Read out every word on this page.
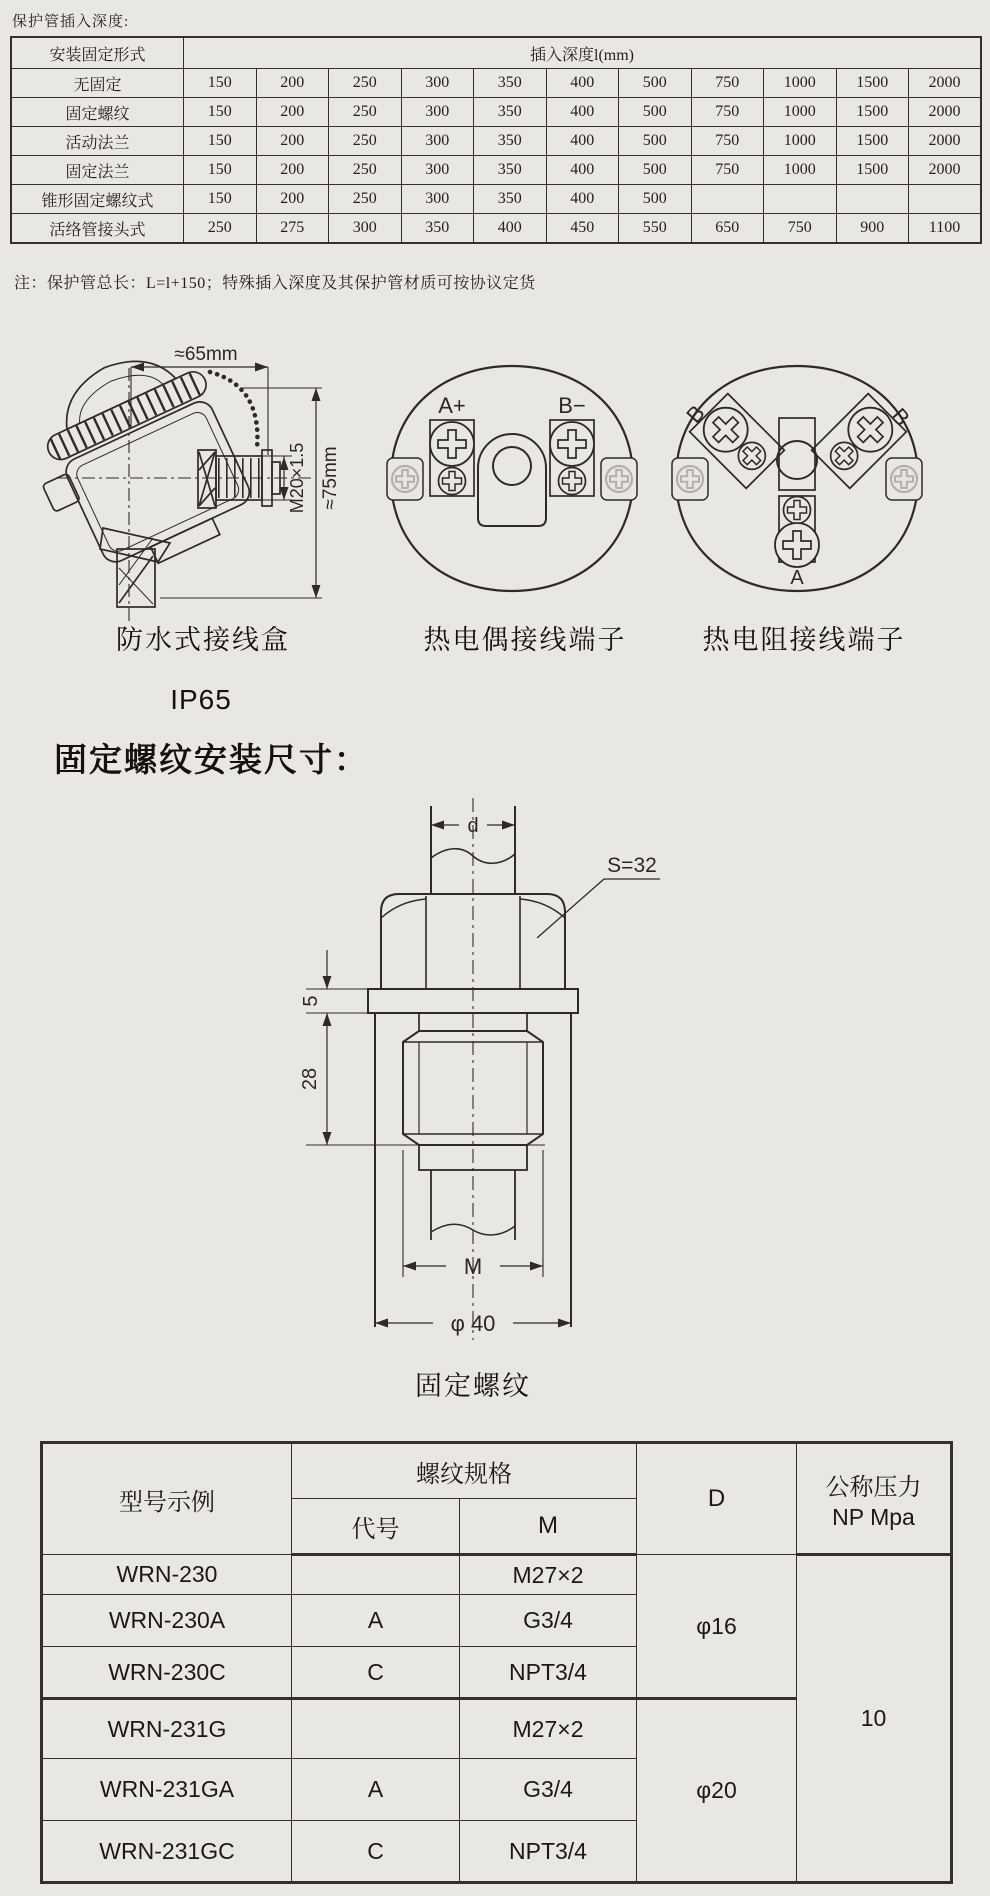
保护管插入深度:
安装固定形式	插入深度l(mm)										
无固定	150	200	250	300	350	400	500	750	1000	1500	2000
固定螺纹	150	200	250	300	350	400	500	750	1000	1500	2000
活动法兰	150	200	250	300	350	400	500	750	1000	1500	2000
固定法兰	150	200	250	300	350	400	500	750	1000	1500	2000
锥形固定螺纹式	150	200	250	300	350	400	500				
活络管接头式	250	275	300	350	400	450	550	650	750	900	1100
注：保护管总长：L=l+150；特殊插入深度及其保护管材质可按协议定货
≈65mm
M20×1.5 ≈75mm
A+	B−	B	B
A
防水式接线盒	热电偶接线端子	热电阻接线端子
IP65
固定螺纹安装尺寸：
d
S=32
5
28
M
φ 40
固定螺纹
型号示例	螺纹规格		D	公称压力
NP Mpa

	代号	M		
WRN-230		M27×2	φ16	10
WRN-230A	A	G3/4		
WRN-230C	C	NPT3/4		
WRN-231G		M27×2	φ20	
WRN-231GA	A	G3/4		
WRN-231GC	C	NPT3/4		
